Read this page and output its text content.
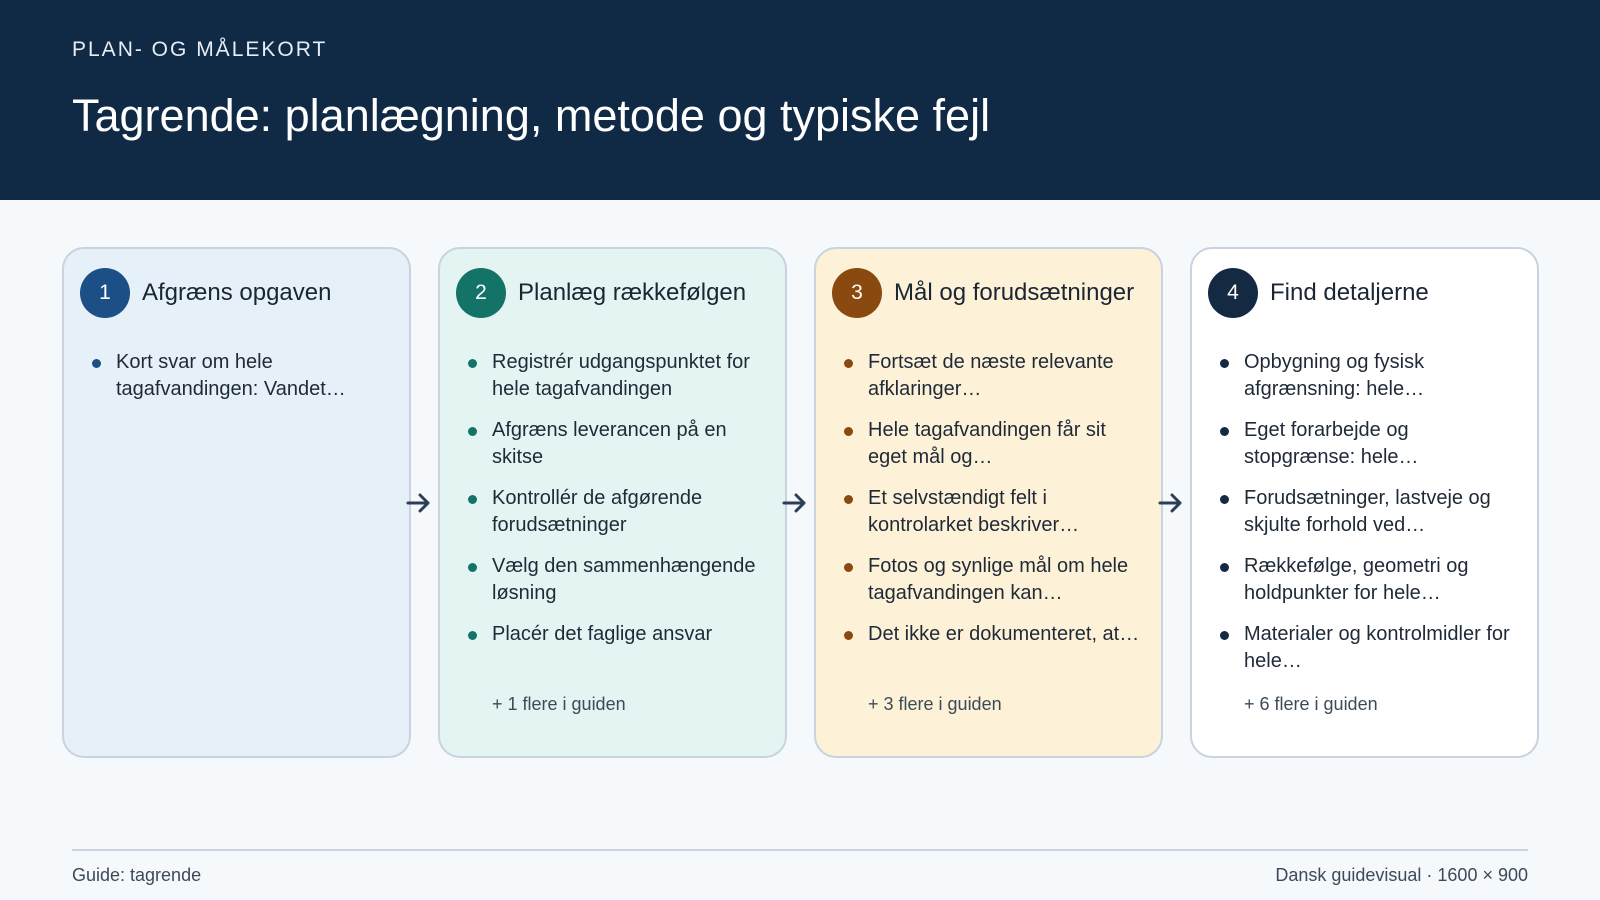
PLAN- OG MÅLEKORT
Tagrende: planlægning, metode og typiske fejl
1	Afgræns opgaven
Kort svar om hele tagafvandingen: Vandet…
2	Planlæg rækkefølgen
Registrér udgangspunktet for hele tagafvandingen
Afgræns leverancen på en skitse
Kontrollér de afgørende forudsætninger
Vælg den sammenhængende løsning
Placér det faglige ansvar
+ 1 flere i guiden
3	Mål og forudsætninger
Fortsæt de næste relevante afklaringer…
Hele tagafvandingen får sit eget mål og…
Et selvstændigt felt i kontrolarket beskriver…
Fotos og synlige mål om hele tagafvandingen kan…
Det ikke er dokumenteret, at…
+ 3 flere i guiden
4	Find detaljerne
Opbygning og fysisk afgrænsning: hele…
Eget forarbejde og stopgrænse: hele…
Forudsætninger, lastveje og skjulte forhold ved…
Rækkefølge, geometri og holdpunkter for hele…
Materialer og kontrolmidler for hele…
+ 6 flere i guiden
Guide: tagrende	Dansk guidevisual · 1600 × 900
